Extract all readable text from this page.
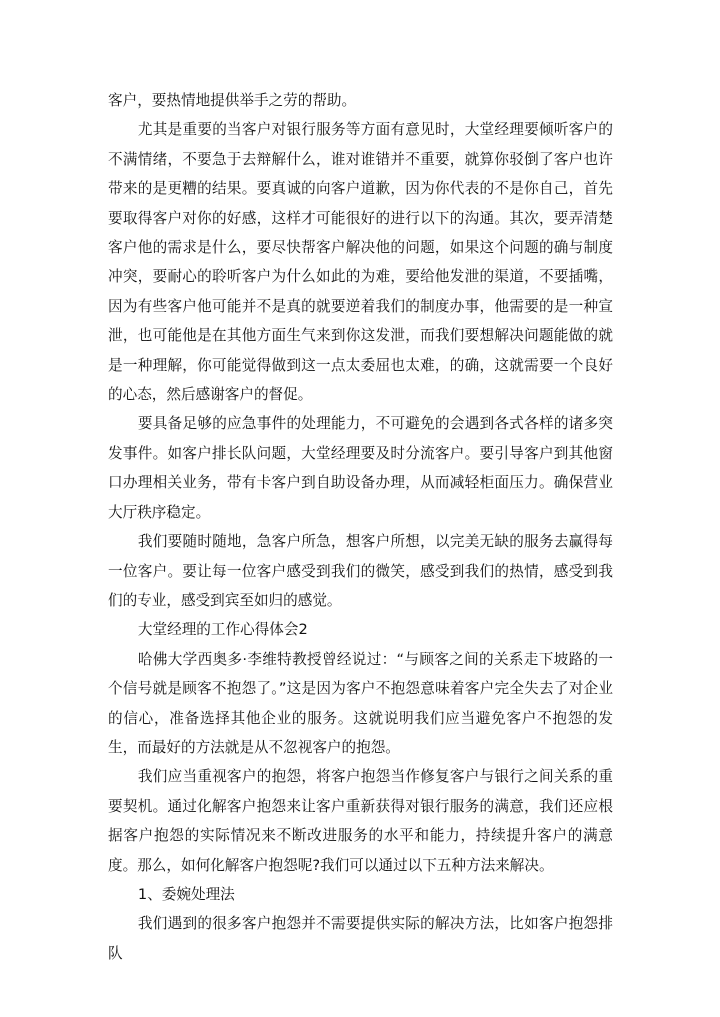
客户，要热情地提供举手之劳的帮助。

尤其是重要的当客户对银行服务等方面有意见时，大堂经理要倾听客户的不满情绪，不要急于去辩解什么，谁对谁错并不重要，就算你驳倒了客户也许带来的是更糟的结果。要真诚的向客户道歉，因为你代表的不是你自己，首先要取得客户对你的好感，这样才可能很好的进行以下的沟通。其次，要弄清楚客户他的需求是什么，要尽快帮客户解决他的问题，如果这个问题的确与制度冲突，要耐心的聆听客户为什么如此的为难，要给他发泄的渠道，不要插嘴，因为有些客户他可能并不是真的就要逆着我们的制度办事，他需要的是一种宣泄，也可能他是在其他方面生气来到你这发泄，而我们要想解决问题能做的就是一种理解，你可能觉得做到这一点太委屈也太难，的确，这就需要一个良好的心态，然后感谢客户的督促。

要具备足够的应急事件的处理能力，不可避免的会遇到各式各样的诸多突发事件。如客户排长队问题，大堂经理要及时分流客户。要引导客户到其他窗口办理相关业务，带有卡客户到自助设备办理，从而减轻柜面压力。确保营业大厅秩序稳定。

我们要随时随地，急客户所急，想客户所想，以完美无缺的服务去赢得每一位客户。要让每一位客户感受到我们的微笑，感受到我们的热情，感受到我们的专业，感受到宾至如归的感觉。

大堂经理的工作心得体会2

哈佛大学西奥多·李维特教授曾经说过：“与顾客之间的关系走下坡路的一个信号就是顾客不抱怨了。”这是因为客户不抱怨意味着客户完全失去了对企业的信心，准备选择其他企业的服务。这就说明我们应当避免客户不抱怨的发生，而最好的方法就是从不忽视客户的抱怨。

我们应当重视客户的抱怨，将客户抱怨当作修复客户与银行之间关系的重要契机。通过化解客户抱怨来让客户重新获得对银行服务的满意，我们还应根据客户抱怨的实际情况来不断改进服务的水平和能力，持续提升客户的满意度。那么，如何化解客户抱怨呢?我们可以通过以下五种方法来解决。

1、委婉处理法

我们遇到的很多客户抱怨并不需要提供实际的解决方法，比如客户抱怨排队
